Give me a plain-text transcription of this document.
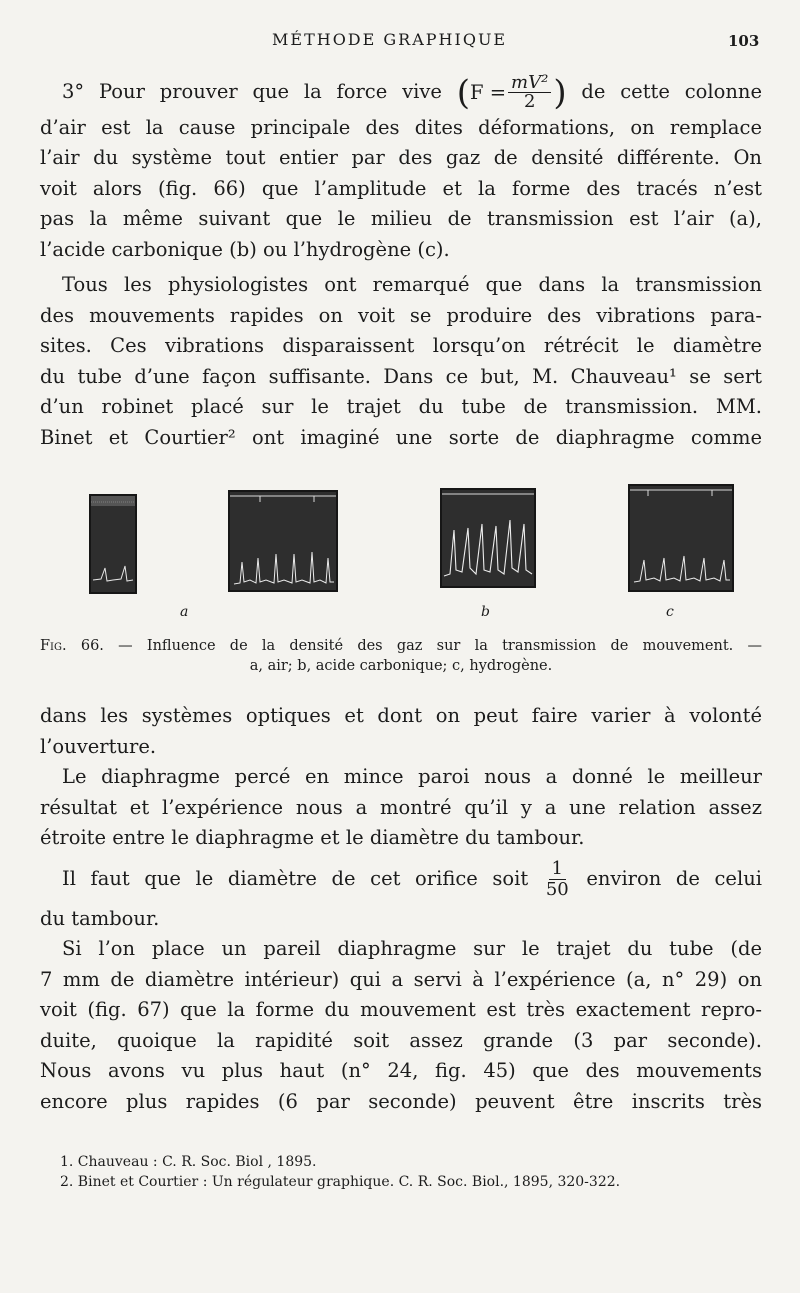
MÉTHODE GRAPHIQUE	103
3° Pour prouver que la force vive ( $F = \frac{\text{mV²}}{2}$ ) de cette colonne
d’air est la cause principale des dites déformations, on remplace
l’air du système tout entier par des gaz de densité différente. On
voit alors (fig. 66) que l’amplitude et la forme des tracés n’est
pas la même suivant que le milieu de transmission est l’air (a),
l’acide carbonique (b) ou l’hydrogène (c).
Tous les physiologistes ont remarqué que dans la transmission
des mouvements rapides on voit se produire des vibrations para-
sites. Ces vibrations disparaissent lorsqu’on rétrécit le diamètre
du tube d’une façon suffisante. Dans ce but, M. Chauveau¹ se sert
d’un robinet placé sur le trajet du tube de transmission. MM.
Binet et Courtier² ont imaginé une sorte de diaphragme comme
a	b	c
Fig. 66. — Influence de la densité des gaz sur la transmission de mouvement. —
a, air; b, acide carbonique; c, hydrogène.
dans les systèmes optiques et dont on peut faire varier à volonté
l’ouverture.
Le diaphragme percé en mince paroi nous a donné le meilleur
résultat et l’expérience nous a montré qu’il y a une relation assez
étroite entre le diaphragme et le diamètre du tambour.
Il faut que le diamètre de cet orifice soit $\frac{1}{50}$ environ de celui
du tambour.
Si l’on place un pareil diaphragme sur le trajet du tube (de
7 mm de diamètre intérieur) qui a servi à l’expérience (a, n° 29) on
voit (fig. 67) que la forme du mouvement est très exactement repro-
duite, quoique la rapidité soit assez grande (3 par seconde).
Nous avons vu plus haut (n° 24, fig. 45) que des mouvements
encore plus rapides (6 par seconde) peuvent être inscrits très
1. Chauveau : C. R. Soc. Biol , 1895.
2. Binet et Courtier : Un régulateur graphique. C. R. Soc. Biol., 1895, 320-322.
